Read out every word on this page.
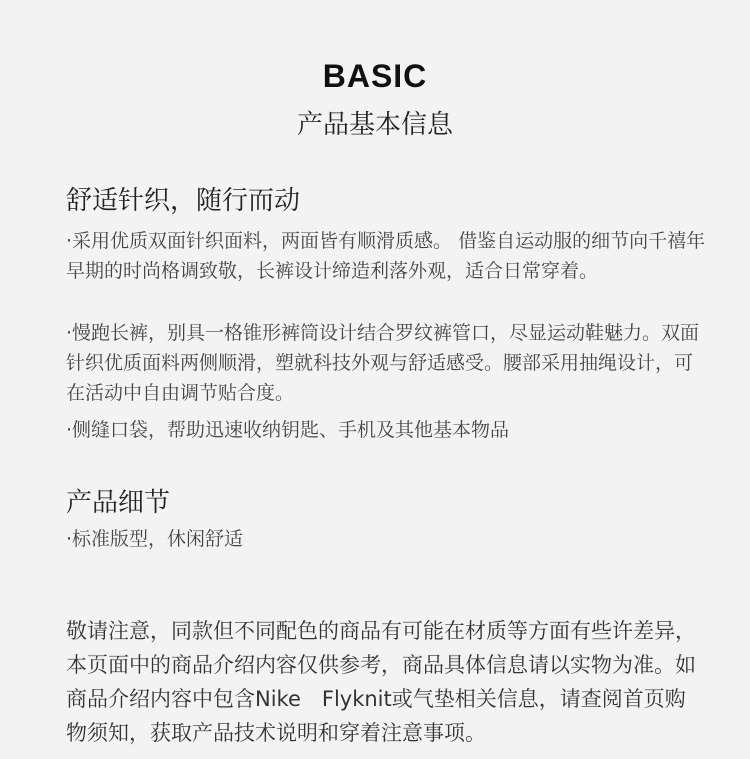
BASIC
产品基本信息
舒适针织，随行而动
·采用优质双面针织面料，两面皆有顺滑质感。 借鉴自运动服的细节向千禧年早期的时尚格调致敬，长裤设计缔造利落外观，适合日常穿着。
·慢跑长裤，别具一格锥形裤筒设计结合罗纹裤管口，尽显运动鞋魅力。双面针织优质面料两侧顺滑，塑就科技外观与舒适感受。腰部采用抽绳设计，可在活动中自由调节贴合度。
·侧缝口袋，帮助迅速收纳钥匙、手机及其他基本物品
产品细节
·标准版型，休闲舒适
敬请注意，同款但不同配色的商品有可能在材质等方面有些许差异，本页面中的商品介绍内容仅供参考，商品具体信息请以实物为准。如商品介绍内容中包含Nike　Flyknit或气垫相关信息，请查阅首页购物须知，获取产品技术说明和穿着注意事项。
